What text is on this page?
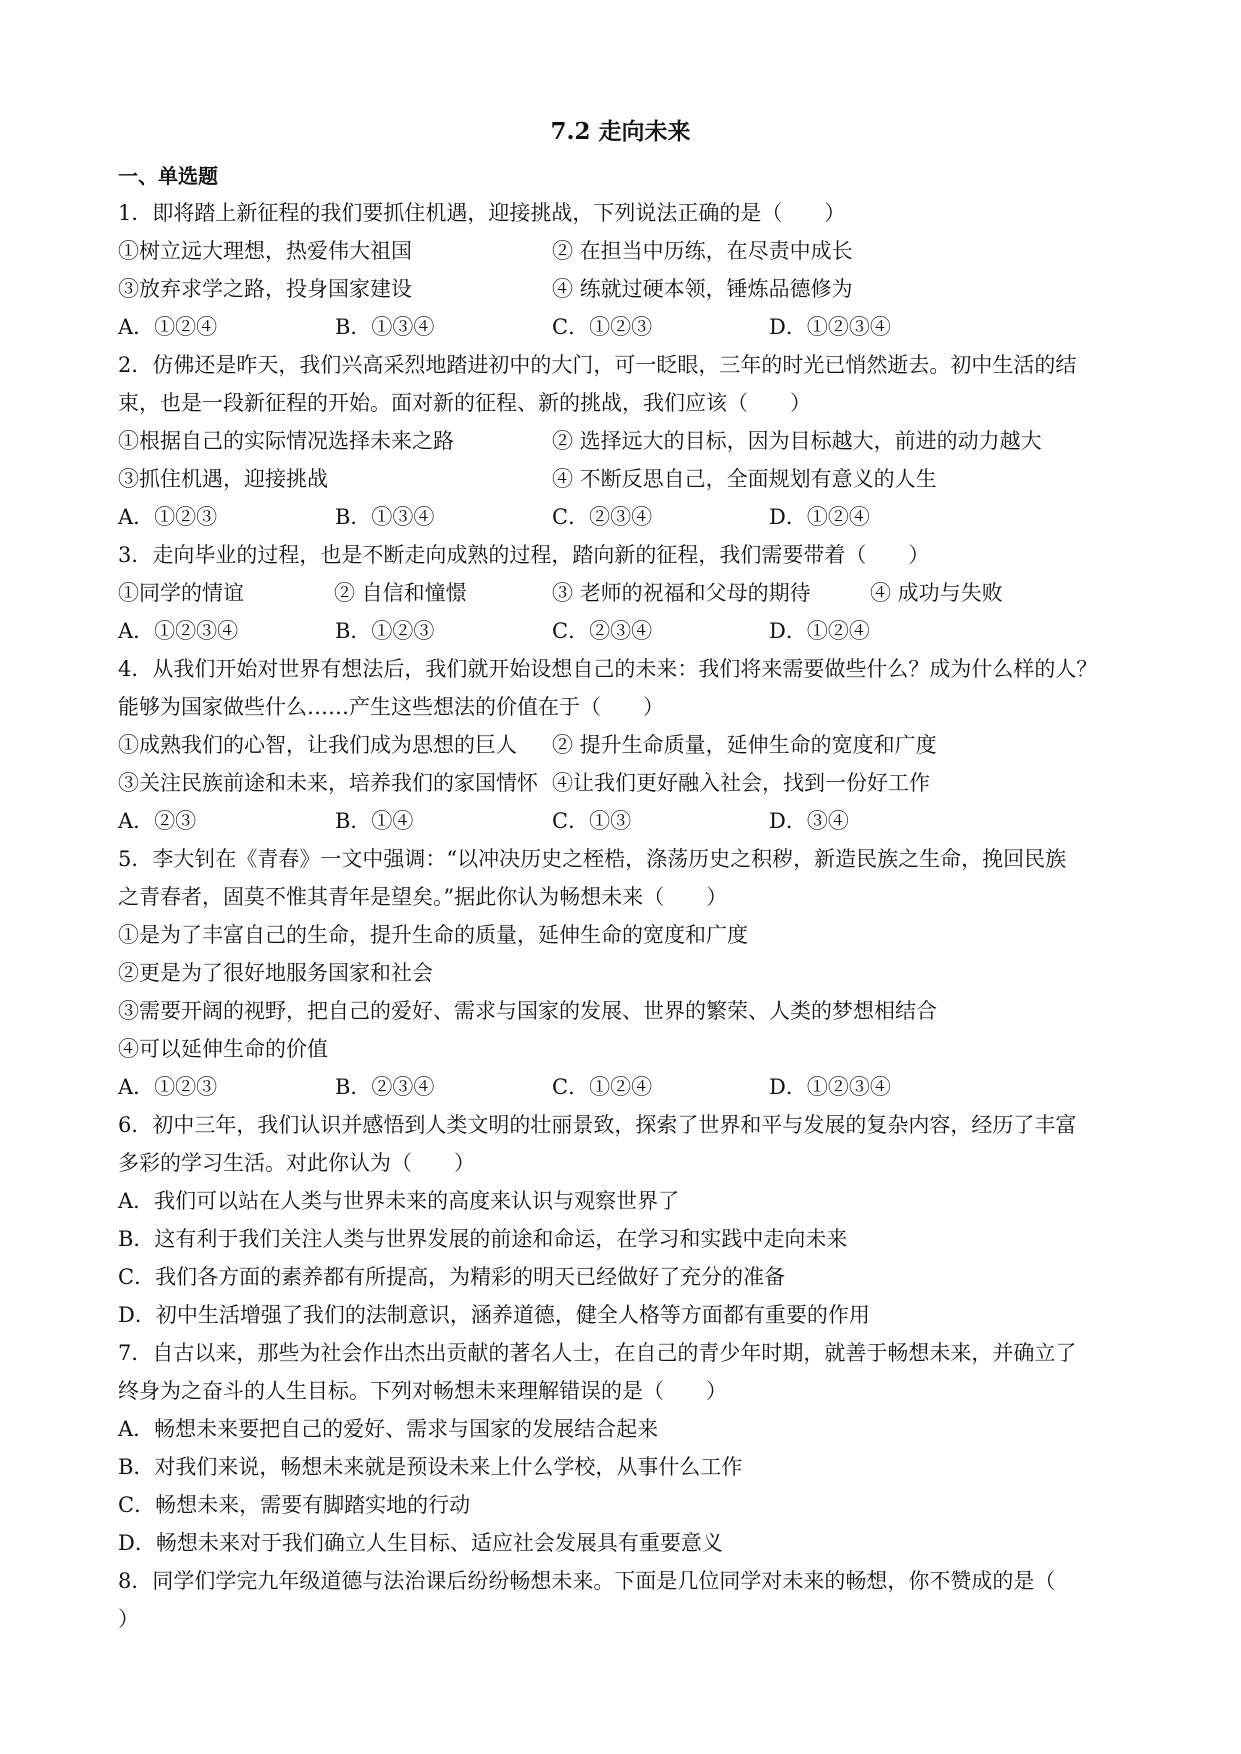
7.2 走向未来
一、单选题
1．即将踏上新征程的我们要抓住机遇，迎接挑战，下列说法正确的是（　　）
①树立远大理想，热爱伟大祖国	② 在担当中历练，在尽责中成长
③放弃求学之路，投身国家建设	④ 练就过硬本领，锤炼品德修为
A．①②④	B．①③④	C．①②③	D．①②③④
2．仿佛还是昨天，我们兴高采烈地踏进初中的大门，可一眨眼，三年的时光已悄然逝去。初中生活的结
束，也是一段新征程的开始。面对新的征程、新的挑战，我们应该（　　）
①根据自己的实际情况选择未来之路	② 选择远大的目标，因为目标越大，前进的动力越大
③抓住机遇，迎接挑战	④ 不断反思自己，全面规划有意义的人生
A．①②③	B．①③④	C．②③④	D．①②④
3．走向毕业的过程，也是不断走向成熟的过程，踏向新的征程，我们需要带着（　　）
①同学的情谊	② 自信和憧憬	③ 老师的祝福和父母的期待	④ 成功与失败
A．①②③④	B．①②③	C．②③④	D．①②④
4．从我们开始对世界有想法后，我们就开始设想自己的未来：我们将来需要做些什么？成为什么样的人？
能够为国家做些什么……产生这些想法的价值在于（　　）
①成熟我们的心智，让我们成为思想的巨人	② 提升生命质量，延伸生命的宽度和广度
③关注民族前途和未来，培养我们的家国情怀 ④让我们更好融入社会，找到一份好工作
A．②③	B．①④	C．①③	D．③④
5．李大钊在《青春》一文中强调：“以冲决历史之桎梏，涤荡历史之积秽，新造民族之生命，挽回民族
之青春者，固莫不惟其青年是望矣。”据此你认为畅想未来（　　）
①是为了丰富自己的生命，提升生命的质量，延伸生命的宽度和广度
②更是为了很好地服务国家和社会
③需要开阔的视野，把自己的爱好、需求与国家的发展、世界的繁荣、人类的梦想相结合
④可以延伸生命的价值
A．①②③	B．②③④	C．①②④	D．①②③④
6．初中三年，我们认识并感悟到人类文明的壮丽景致，探索了世界和平与发展的复杂内容，经历了丰富
多彩的学习生活。对此你认为（　　）
A．我们可以站在人类与世界未来的高度来认识与观察世界了
B．这有利于我们关注人类与世界发展的前途和命运，在学习和实践中走向未来
C．我们各方面的素养都有所提高，为精彩的明天已经做好了充分的准备
D．初中生活增强了我们的法制意识，涵养道德，健全人格等方面都有重要的作用
7．自古以来，那些为社会作出杰出贡献的著名人士，在自己的青少年时期，就善于畅想未来，并确立了
终身为之奋斗的人生目标。下列对畅想未来理解错误的是（　　）
A．畅想未来要把自己的爱好、需求与国家的发展结合起来
B．对我们来说，畅想未来就是预设未来上什么学校，从事什么工作
C．畅想未来，需要有脚踏实地的行动
D．畅想未来对于我们确立人生目标、适应社会发展具有重要意义
8．同学们学完九年级道德与法治课后纷纷畅想未来。下面是几位同学对未来的畅想，你不赞成的是（
）
